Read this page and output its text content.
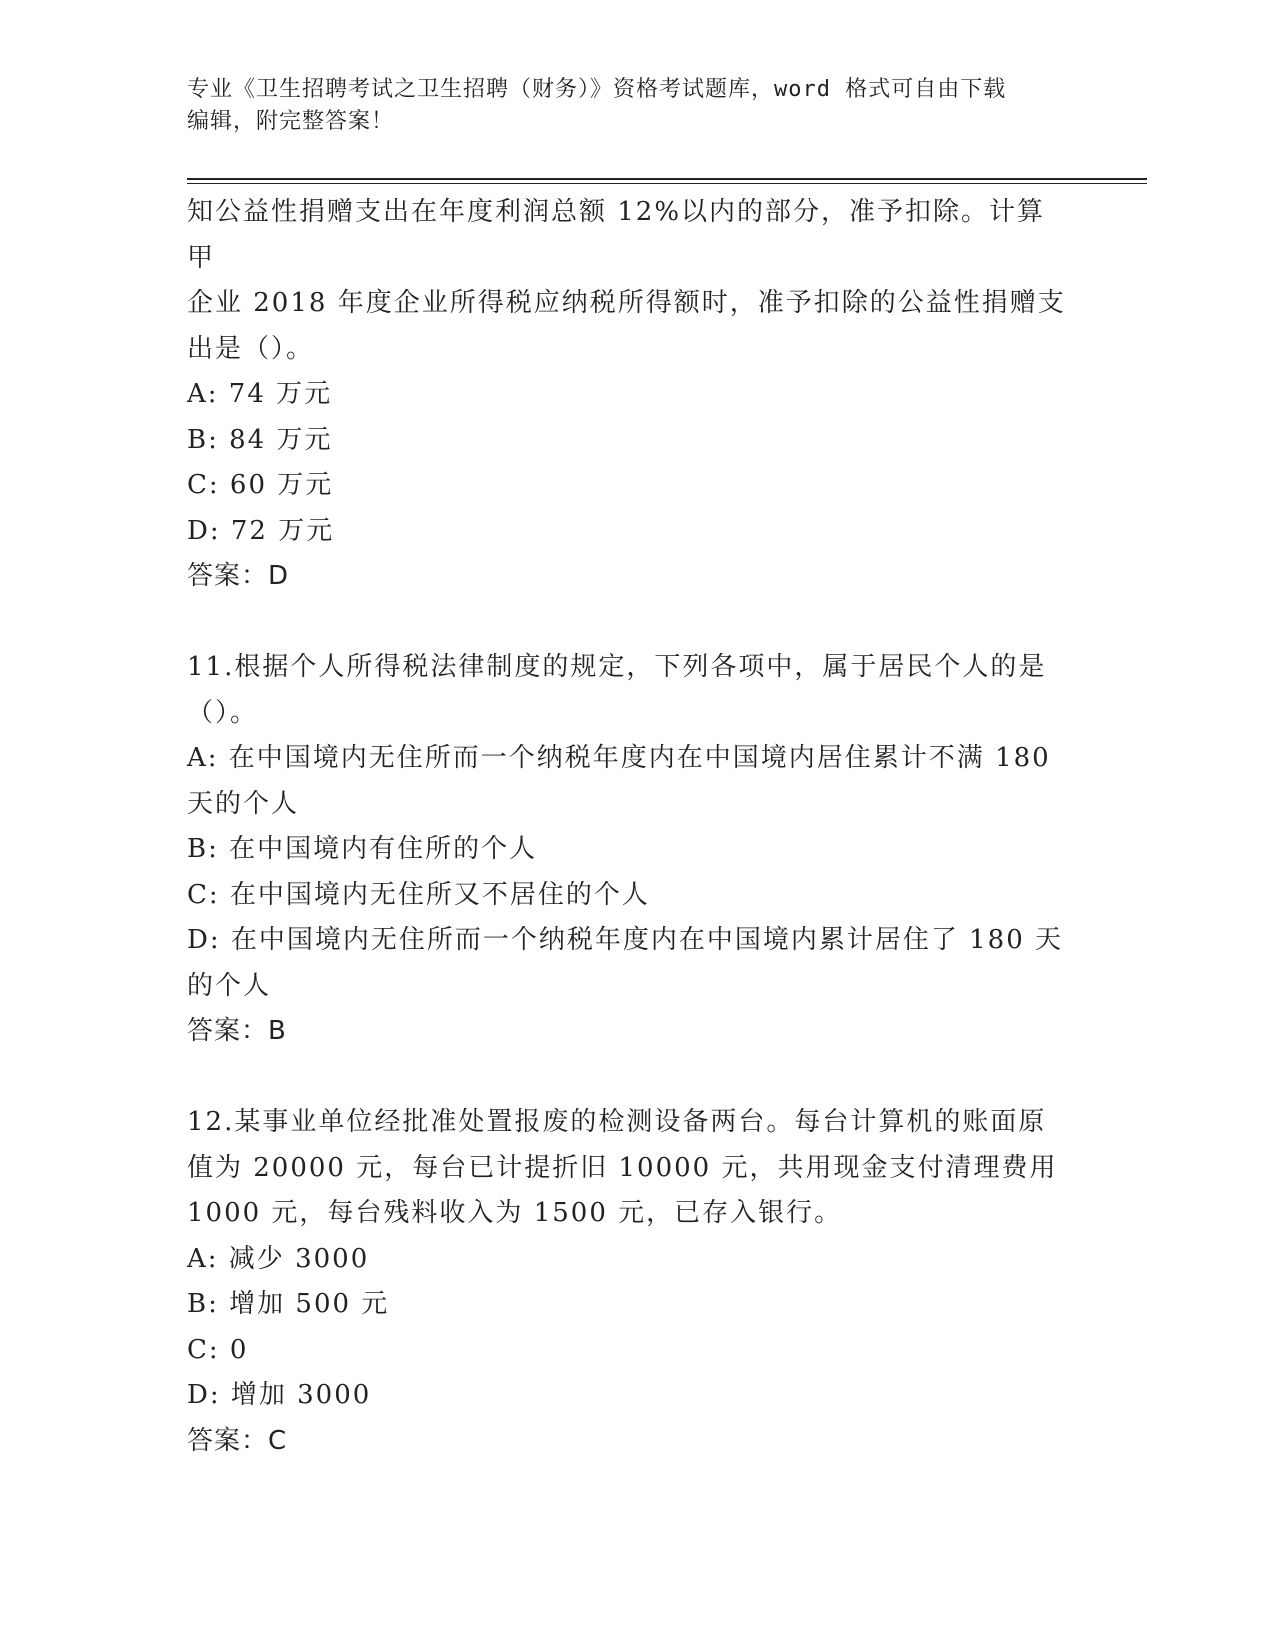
专业《卫生招聘考试之卫生招聘（财务）》资格考试题库，word 格式可自由下载
编辑，附完整答案！

知公益性捐赠支出在年度利润总额 12%以内的部分，准予扣除。计算甲

企业 2018 年度企业所得税应纳税所得额时，准予扣除的公益性捐赠支

出是（）。

A: 74 万元

B: 84 万元

C: 60 万元

D: 72 万元

答案：D

11.根据个人所得税法律制度的规定，下列各项中，属于居民个人的是

（）。

A: 在中国境内无住所而一个纳税年度内在中国境内居住累计不满 180

天的个人

B: 在中国境内有住所的个人

C: 在中国境内无住所又不居住的个人

D: 在中国境内无住所而一个纳税年度内在中国境内累计居住了 180 天

的个人

答案：B

12.某事业单位经批准处置报废的检测设备两台。每台计算机的账面原

值为 20000 元，每台已计提折旧 10000 元，共用现金支付清理费用

1000 元，每台残料收入为 1500 元，已存入银行。

A: 减少 3000

B: 增加 500 元

C: 0

D: 增加 3000

答案：C
